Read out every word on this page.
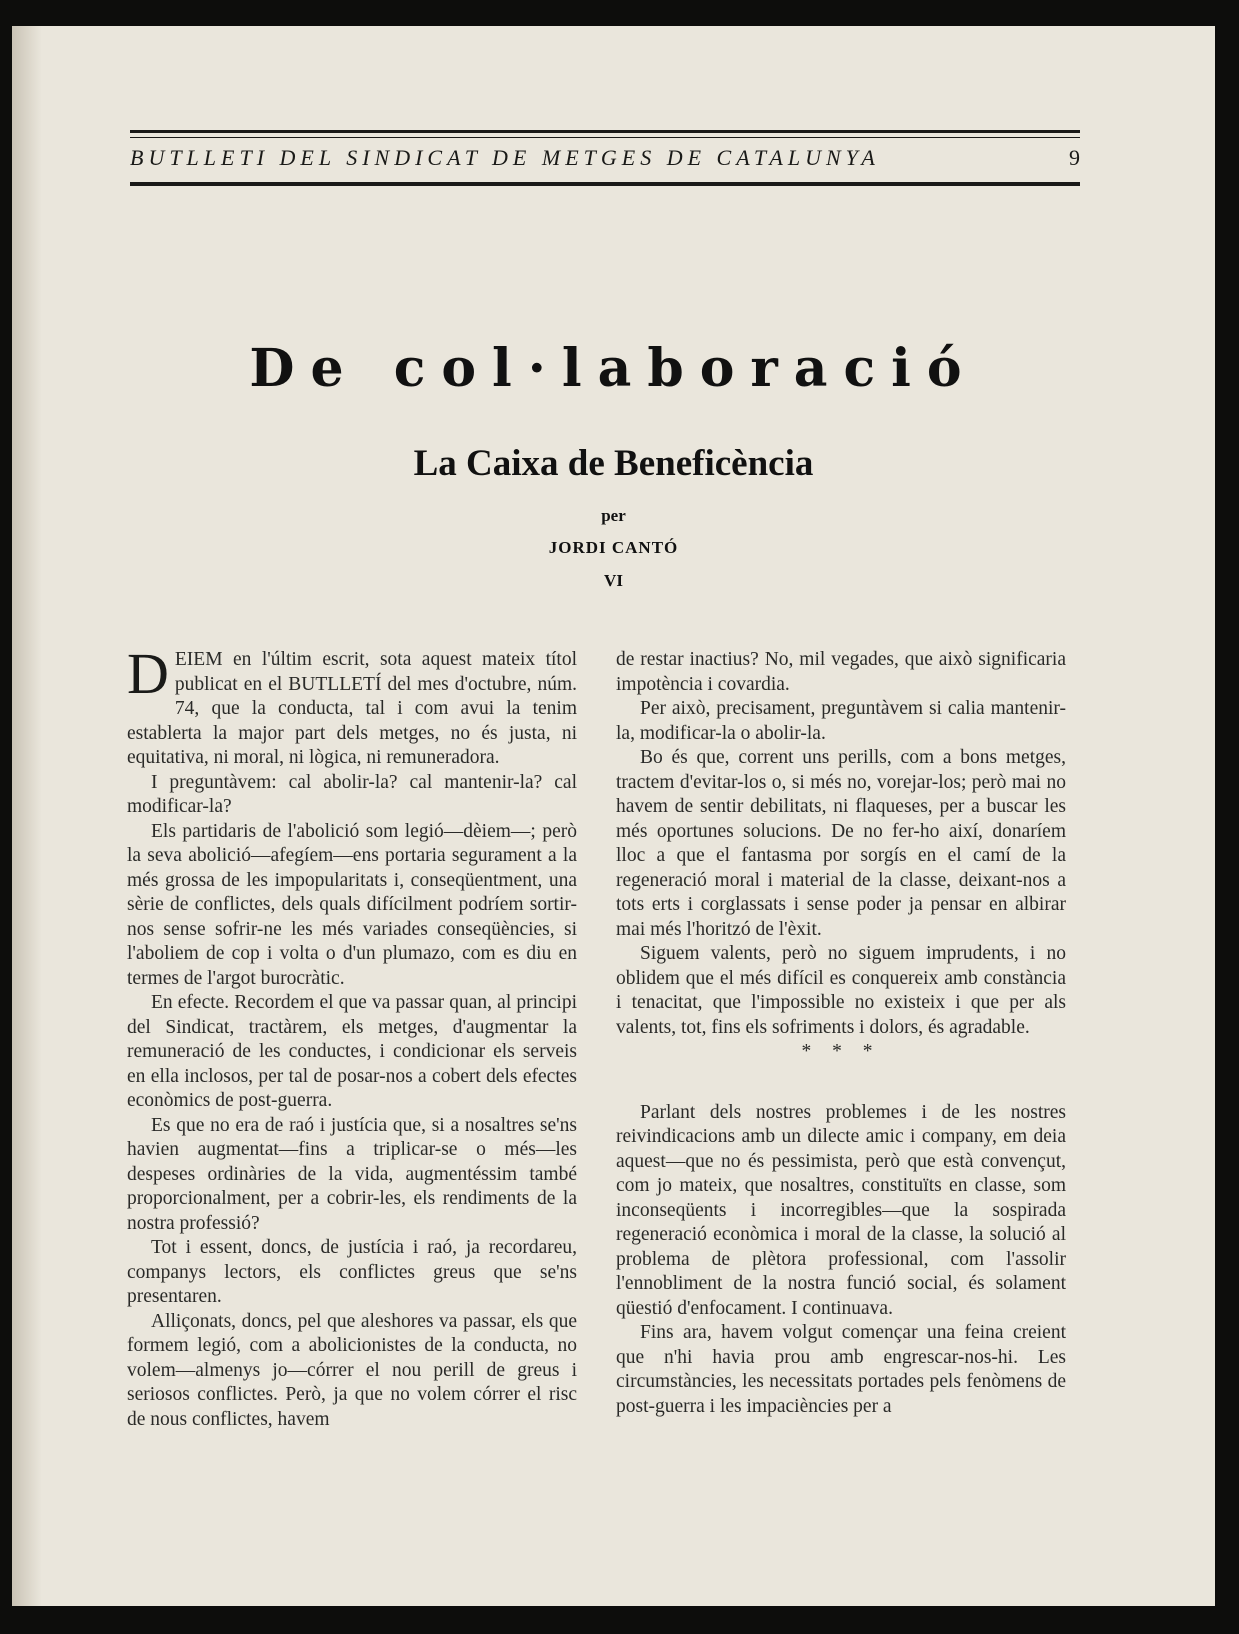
BUTLLETI DEL SINDICAT DE METGES DE CATALUNYA	9
De col·laboració
La Caixa de Beneficència
per
JORDI CANTÓ
VI

DEIEM en l'últim escrit, sota aquest mateix títol publicat en el BUTLLETÍ del mes d'octubre, núm. 74, que la conducta, tal i com avui la tenim establerta la major part dels metges, no és justa, ni equitativa, ni moral, ni lògica, ni remuneradora.

I preguntàvem: cal abolir-la? cal mantenir-la? cal modificar-la?

Els partidaris de l'abolició som legió—dèiem—; però la seva abolició—afegíem—ens portaria segurament a la més grossa de les impopularitats i, conseqüentment, una sèrie de conflictes, dels quals difícilment podríem sortir-nos sense sofrir-ne les més variades conseqüències, si l'aboliem de cop i volta o d'un plumazo, com es diu en termes de l'argot burocràtic.

En efecte. Recordem el que va passar quan, al principi del Sindicat, tractàrem, els metges, d'augmentar la remuneració de les conductes, i condicionar els serveis en ella inclosos, per tal de posar-nos a cobert dels efectes econòmics de post-guerra.

Es que no era de raó i justícia que, si a nosaltres se'ns havien augmentat—fins a triplicar-se o més—les despeses ordinàries de la vida, augmentéssim també proporcionalment, per a cobrir-les, els rendiments de la nostra professió?

Tot i essent, doncs, de justícia i raó, ja recordareu, companys lectors, els conflictes greus que se'ns presentaren.

Alliçonats, doncs, pel que aleshores va passar, els que formem legió, com a abolicionistes de la conducta, no volem—almenys jo—córrer el nou perill de greus i seriosos conflictes. Però, ja que no volem córrer el risc de nous conflictes, havem

de restar inactius? No, mil vegades, que això significaria impotència i covardia.

Per això, precisament, preguntàvem si calia mantenir-la, modificar-la o abolir-la.

Bo és que, corrent uns perills, com a bons metges, tractem d'evitar-los o, si més no, vorejar-los; però mai no havem de sentir debilitats, ni flaqueses, per a buscar les més oportunes solucions. De no fer-ho així, donaríem lloc a que el fantasma por sorgís en el camí de la regeneració moral i material de la classe, deixant-nos a tots erts i corglassats i sense poder ja pensar en albirar mai més l'horitzó de l'èxit.

Siguem valents, però no siguem imprudents, i no oblidem que el més difícil es conquereix amb constància i tenacitat, que l'impossible no existeix i que per als valents, tot, fins els sofriments i dolors, és agradable.

* * *

Parlant dels nostres problemes i de les nostres reivindicacions amb un dilecte amic i company, em deia aquest—que no és pessimista, però que està convençut, com jo mateix, que nosaltres, constituïts en classe, som inconseqüents i incorregibles—que la sospirada regeneració econòmica i moral de la classe, la solució al problema de plètora professional, com l'assolir l'ennobliment de la nostra funció social, és solament qüestió d'enfocament. I continuava.

Fins ara, havem volgut començar una feina creient que n'hi havia prou amb engrescar-nos-hi. Les circumstàncies, les necessitats portades pels fenòmens de post-guerra i les impaciències per a
